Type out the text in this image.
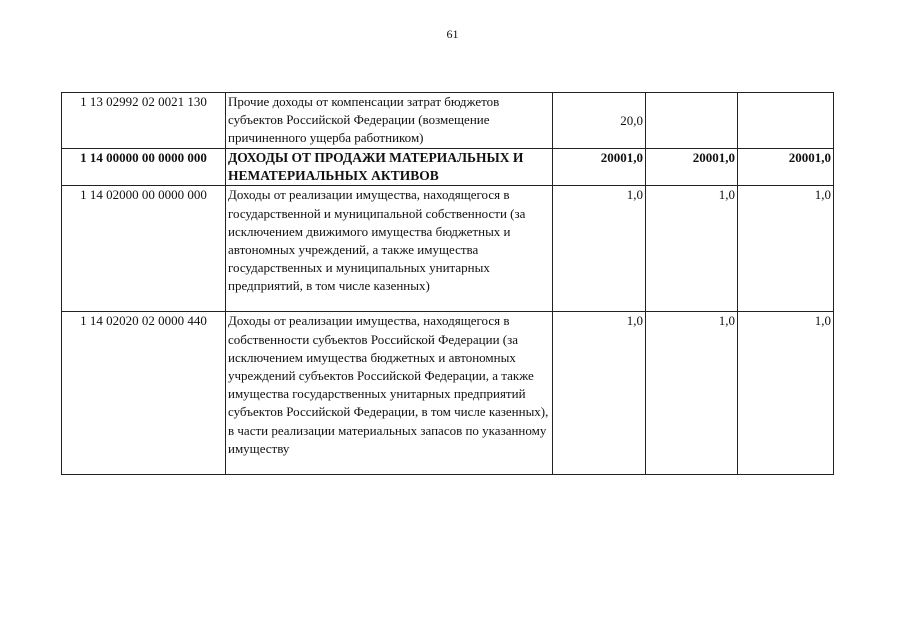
61
1 13 02992 02 0021 130	Прочие доходы от компенсации затрат бюджетов субъектов Российской Федерации (возмещение причиненного ущерба работником)	20,0		
1 14 00000 00 0000 000	ДОХОДЫ ОТ ПРОДАЖИ МАТЕРИАЛЬНЫХ И НЕМАТЕРИАЛЬНЫХ АКТИВОВ	20001,0	20001,0	20001,0
1 14 02000 00 0000 000	Доходы от реализации имущества, находящегося в государственной и муниципальной собственности (за исключением движимого имущества бюджетных и автономных учреждений, а также имущества государственных и муниципальных унитарных предприятий, в том числе казенных)	1,0	1,0	1,0
1 14 02020 02 0000 440	Доходы от реализации имущества, находящегося в собственности субъектов Российской Федерации (за исключением имущества бюджетных и автономных учреждений субъектов Российской Федерации, а также имущества государственных унитарных предприятий субъектов Российской Федерации, в том числе казенных), в части реализации материальных запасов по указанному имуществу	1,0	1,0	1,0
